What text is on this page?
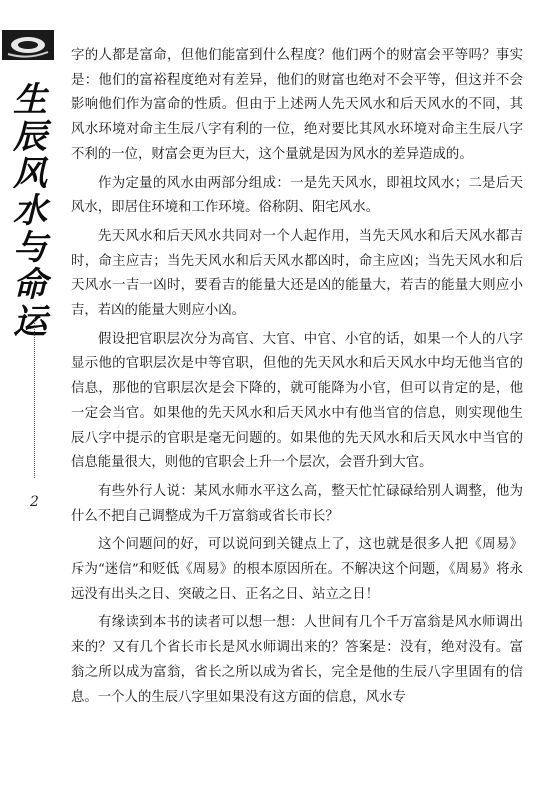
生
辰
风
水
与
命
运
2

字的人都是富命，但他们能富到什么程度？他们两个的财富会平等吗？事实是：他们的富裕程度绝对有差异，他们的财富也绝对不会平等，但这并不会影响他们作为富命的性质。但由于上述两人先天风水和后天风水的不同，其风水环境对命主生辰八字有利的一位，绝对要比其风水环境对命主生辰八字不利的一位，财富会更为巨大，这个量就是因为风水的差异造成的。

作为定量的风水由两部分组成：一是先天风水，即祖坟风水；二是后天风水，即居住环境和工作环境。俗称阴、阳宅风水。

先天风水和后天风水共同对一个人起作用，当先天风水和后天风水都吉时，命主应吉；当先天风水和后天风水都凶时，命主应凶；当先天风水和后天风水一吉一凶时，要看吉的能量大还是凶的能量大，若吉的能量大则应小吉，若凶的能量大则应小凶。

假设把官职层次分为高官、大官、中官、小官的话，如果一个人的八字显示他的官职层次是中等官职，但他的先天风水和后天风水中均无他当官的信息，那他的官职层次是会下降的，就可能降为小官，但可以肯定的是，他一定会当官。如果他的先天风水和后天风水中有他当官的信息，则实现他生辰八字中提示的官职是毫无问题的。如果他的先天风水和后天风水中当官的信息能量很大，则他的官职会上升一个层次，会晋升到大官。

有些外行人说：某风水师水平这么高，整天忙忙碌碌给别人调整，他为什么不把自己调整成为千万富翁或省长市长？

这个问题问的好，可以说问到关键点上了，这也就是很多人把《周易》斥为“迷信”和贬低《周易》的根本原因所在。不解决这个问题，《周易》将永远没有出头之日、突破之日、正名之日、站立之日！

有缘读到本书的读者可以想一想：人世间有几个千万富翁是风水师调出来的？又有几个省长市长是风水师调出来的？答案是：没有，绝对没有。富翁之所以成为富翁，省长之所以成为省长，完全是他的生辰八字里固有的信息。一个人的生辰八字里如果没有这方面的信息，风水专
